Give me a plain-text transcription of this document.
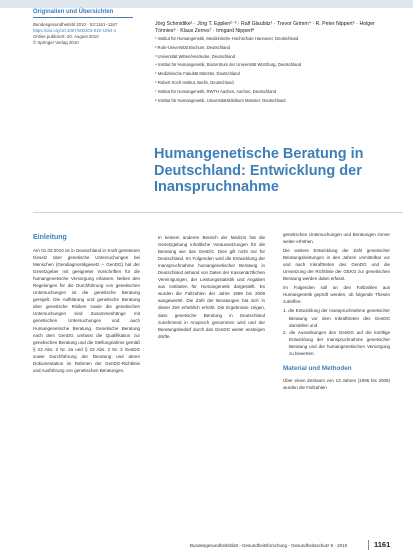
Originalien und Übersichten
Bundesgesundheitsbl 2010 · 53:1161–1167
https://doi.org/10.1007/s00103-010-1094-1
Online publiziert: 20. August 2010
© Springer Verlag 2010
Jörg Schmidtke¹ · Jörg T. Epplen²⁻³ · Ralf Glaubitz¹ · Trevor Grimm⁴ · R. Peter Nippert⁵ · Holger Tönnies⁶ · Klaus Zerres⁷ · Irmgard Nippert⁸
¹ Institut für Humangenetik, Medizinische Hochschule Hannover, Deutschland
² Ruhr-Universität Bochum, Deutschland
³ Universität Witten/Herdecke, Deutschland
⁴ Institut für Humangenetik, Biozentrum der Universität Würzburg, Deutschland
⁵ Medizinische Fakultät Münster, Deutschland
⁶ Robert Koch-Institut, Berlin, Deutschland
⁷ Institut für Humangenetik, RWTH Aachen, Aachen, Deutschland
⁸ Institut für Humangenetik, Universitätsklinikum Münster, Deutschland
Humangenetische Beratung in Deutschland: Entwicklung der Inanspruchnahme
Einleitung

Am 01.02.2010 ist in Deutschland in Kraft getretenen Gesetz über genetische Untersuchungen bei Menschen (Gendiagnostikgesetz – GenDG) hat der Gesetzgeber mit geeigneter Vorschriften für die humangenetische Versorgung erlassen. Neben den Regelungen für die Durchführung von genetischen Untersuchungen ist die genetische Beratung geregelt. Die Aufklärung und genetische Beratung über genetische Risiken sowie die genetischen Untersuchungen sind Zusammenhänge mit genetischen Untersuchungen und auch Humangenetische Beratung. Genetische Beratung nach dem GenDG umfasst die Qualifikation zur genetischen Beratung und die Stellungnahme gemäß § 23 Abs. 2 Nr. 2a und § 23 Abs. 2 Nr. 3 GenDG sowie Durchführung der Beratung und deren Dokumentation im Rahmen der GenDG-Richtlinie und Ausführung von genetischen Beratungen.

In keinem anderen Bereich der Medizin hat die Gesetzgebung inhaltliche Voraussetzungen für die Beratung wie das GenDG. Dies gilt nicht nur für Deutschland. Im Folgenden wird die Entwicklung der Inanspruchnahme humangenetischer Beratung in Deutschland anhand von Daten der Kassenärztlichen Vereinigungen, der Leistungsstatistik und Angaben aus Instituten für Humangenetik dargestellt. Es wurden die Fallzahlen der Jahre 1996 bis 2008 ausgewertet. Die Zahl der Beratungen hat sich in dieser Zeit erheblich erhöht. Die Ergebnisse zeigen, dass genetische Beratung in Deutschland zunehmend in Anspruch genommen wird und der Beratungsbedarf durch das GenDG weiter ansteigen dürfte.

genetischen Untersuchungen und Beratungen immer weiter erhöhen.

Die weitere Entwicklung der Zahl genetischer Beratungsleistungen in den Jahren unmittelbar vor und nach Inkrafttreten des GenDG und die Umsetzung der Richtlinie der GEKO zur genetischen Beratung werden dabei erfasst.

Im Folgenden soll an den Fallzahlen aus Humangenetik geprüft werden, ob folgende Thesen zutreffen:

1. die Entwicklung der Inanspruchnahme genetischer Beratung vor dem Inkrafttreten des GenDG darstellen und
2. die Auswirkungen des GenDG auf die künftige Entwicklung der Inanspruchnahme genetischer Beratung und der humangenetischen Versorgung zu bewerten.
Material und Methoden

Über einen Zeitraum von 13 Jahren (1996 bis 2008) wurden die Fallzahlen

Bundesgesundheitsblatt - Gesundheitsforschung - Gesundheitsschutz 9 · 2010	1161
